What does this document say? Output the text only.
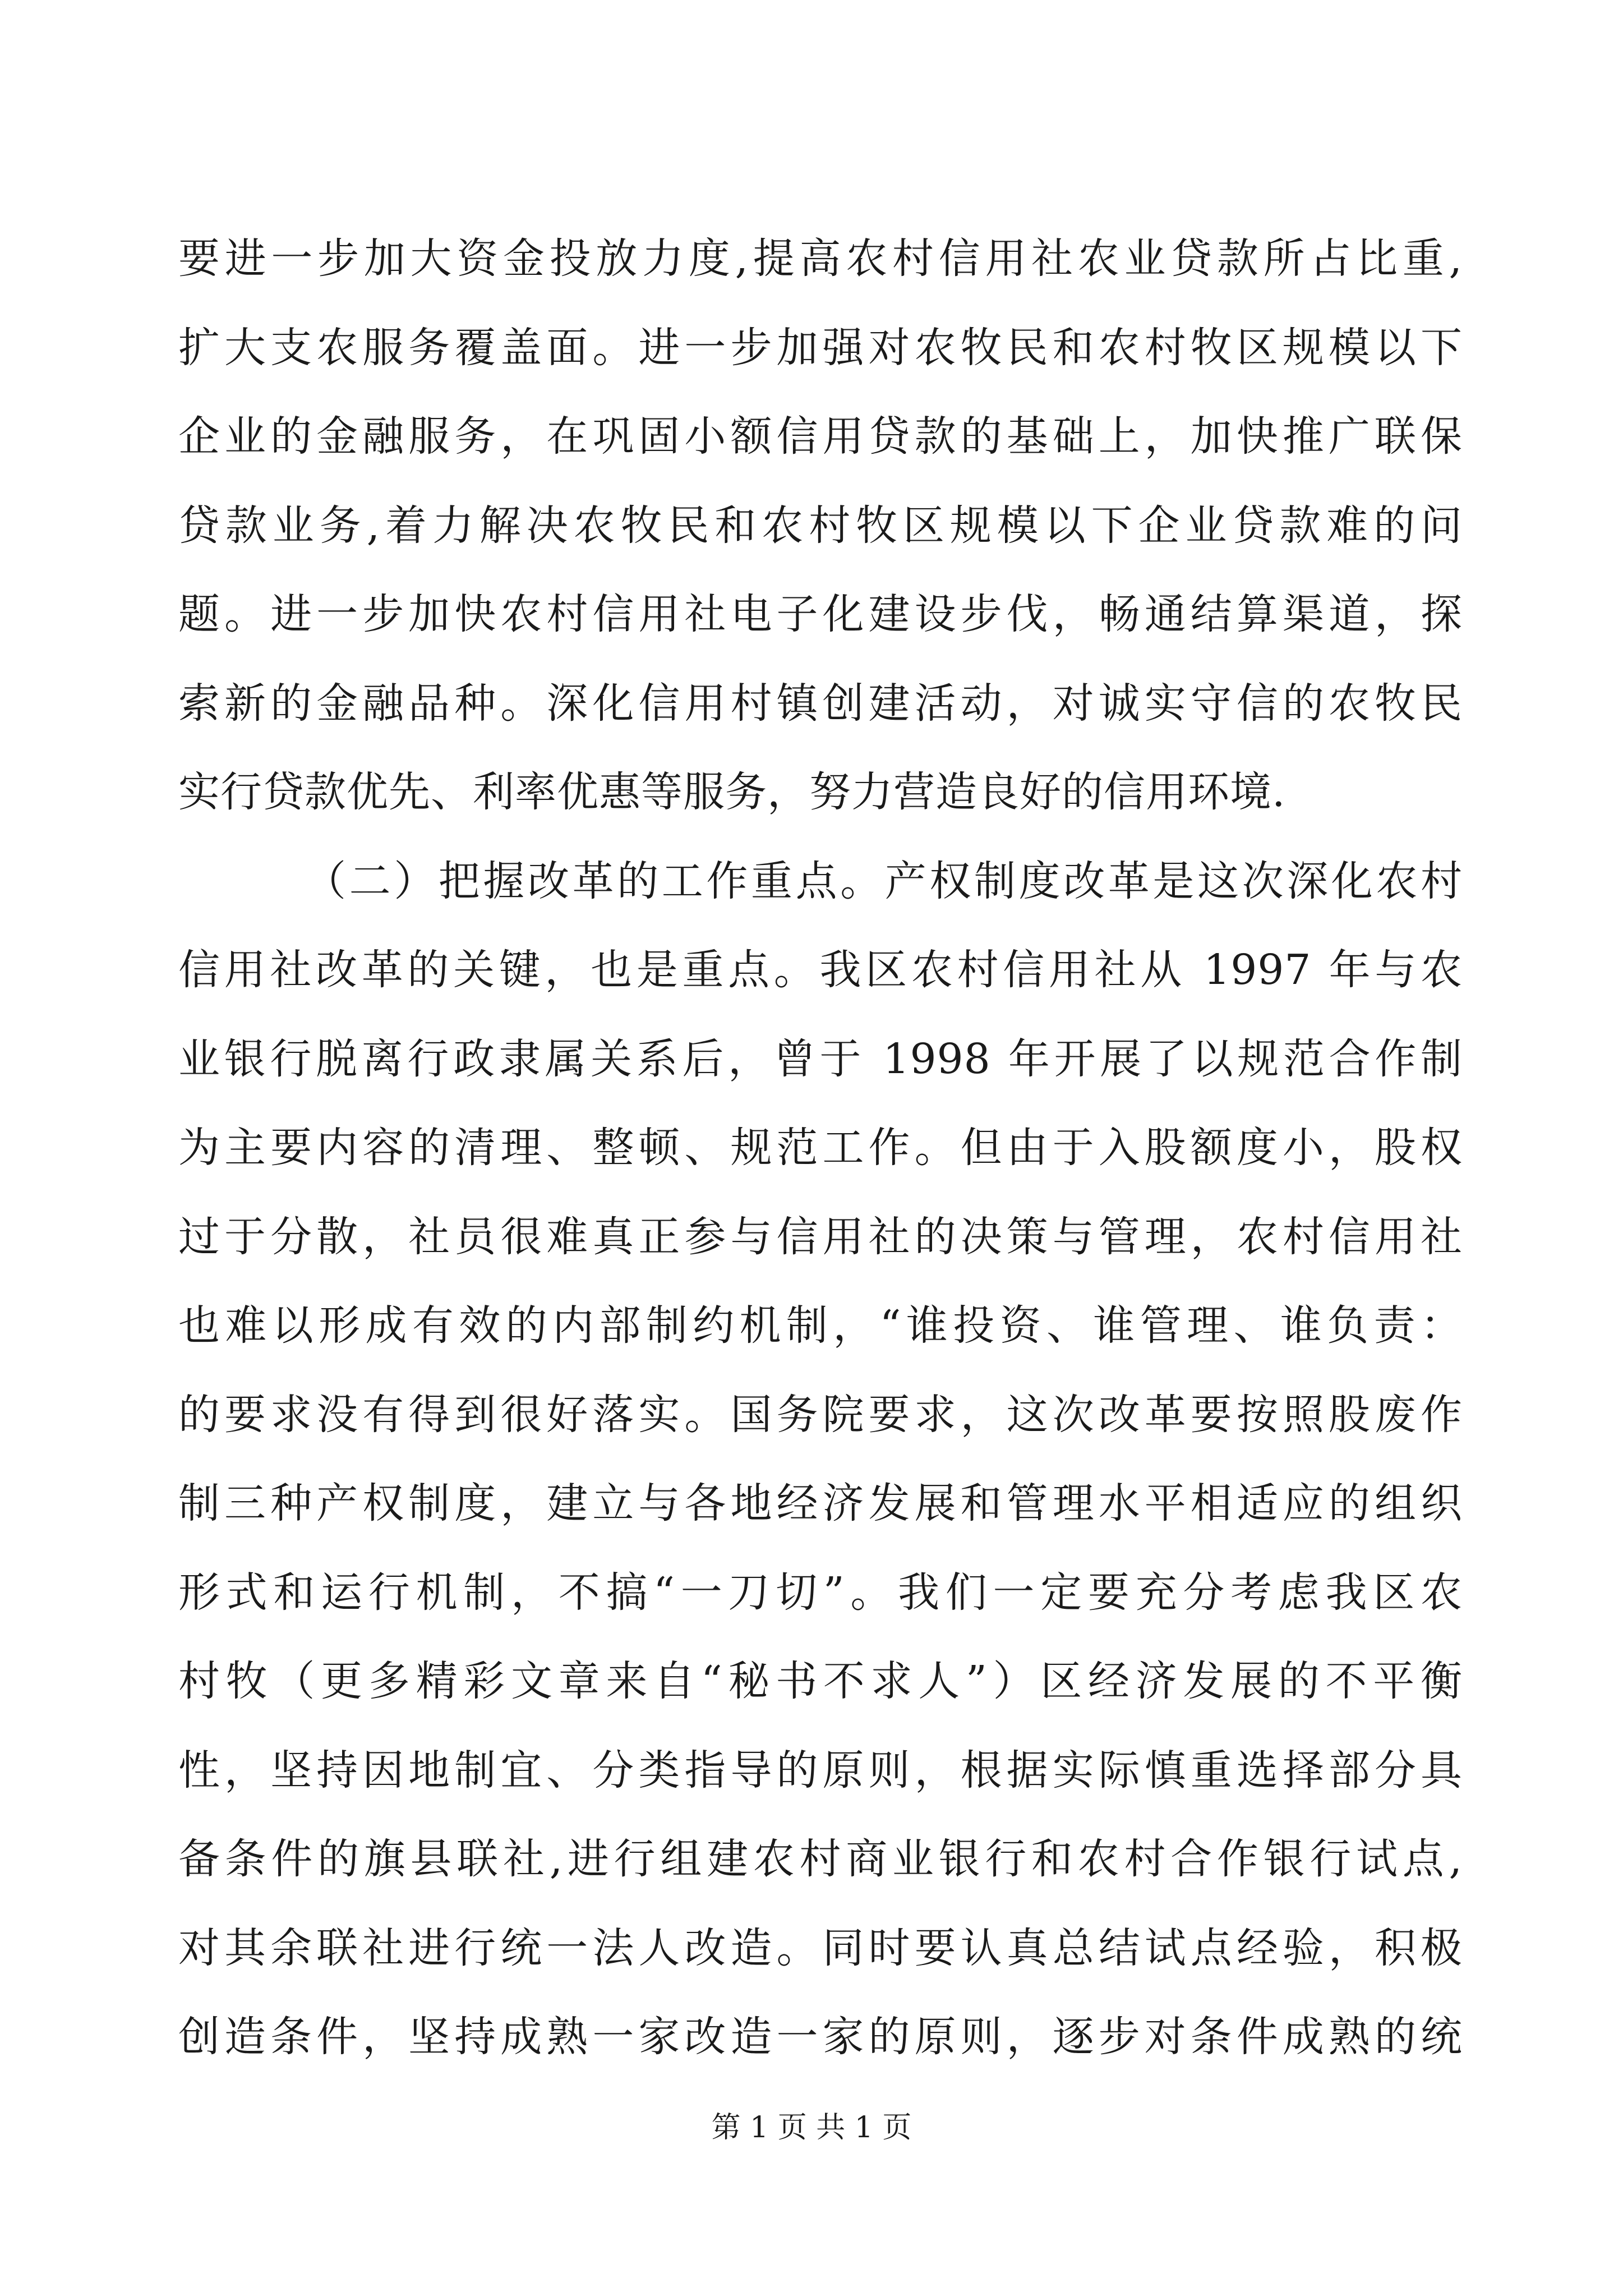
要进一步加大资金投放力度,提高农村信用社农业贷款所占比重,
扩大支农服务覆盖面。进一步加强对农牧民和农村牧区规模以下
企业的金融服务，在巩固小额信用贷款的基础上，加快推广联保
贷款业务,着力解决农牧民和农村牧区规模以下企业贷款难的问
题。进一步加快农村信用社电子化建设步伐，畅通结算渠道，探
索新的金融品种。深化信用村镇创建活动，对诚实守信的农牧民
实行贷款优先、利率优惠等服务，努力营造良好的信用环境.
（二）把握改革的工作重点。产权制度改革是这次深化农村
信用社改革的关键，也是重点。我区农村信用社从 1997 年与农
业银行脱离行政隶属关系后，曾于 1998 年开展了以规范合作制
为主要内容的清理、整顿、规范工作。但由于入股额度小，股权
过于分散，社员很难真正参与信用社的决策与管理，农村信用社
也难以形成有效的内部制约机制，“谁投资、谁管理、谁负责：
的要求没有得到很好落实。国务院要求，这次改革要按照股废作
制三种产权制度，建立与各地经济发展和管理水平相适应的组织
形式和运行机制，不搞“一刀切”。我们一定要充分考虑我区农
村牧（更多精彩文章来自“秘书不求人”）区经济发展的不平衡
性，坚持因地制宜、分类指导的原则，根据实际慎重选择部分具
备条件的旗县联社,进行组建农村商业银行和农村合作银行试点,
对其余联社进行统一法人改造。同时要认真总结试点经验，积极
创造条件，坚持成熟一家改造一家的原则，逐步对条件成熟的统
第 1 页 共 1 页
